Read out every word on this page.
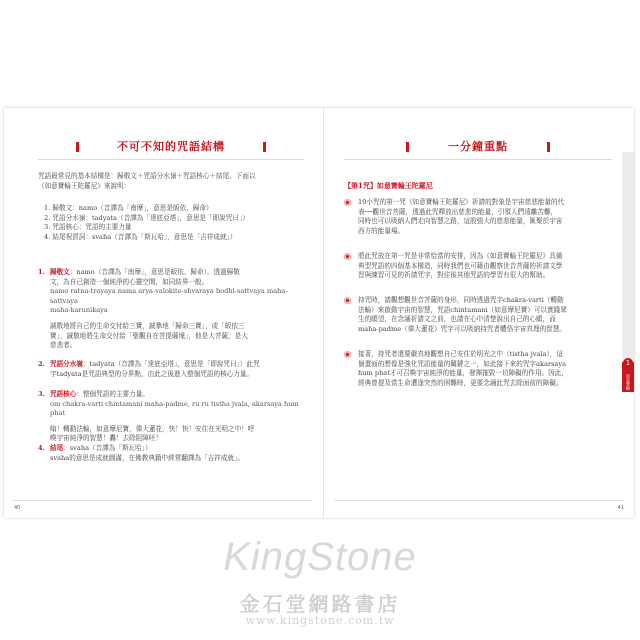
不可不知的咒語結構
咒語最常見的基本結構是：歸敬文＋咒語分水嶺＋咒語核心＋結尾。下面以
《如意寶輪王陀羅尼》來說明：
1. 歸敬文：namo（音譯為「南摩」，意思是皈依、歸命）
2. 咒語分水嶺：tadyata（音譯為「達底亞塔」，意思是「即說咒曰」）
3. 咒語核心：咒語的主要力量
4. 結尾祝賀詞：svaha（音譯為「斯瓦哈」，意思是「吉祥成就」）
1. 歸敬文：namo（音譯為「南摩」，意思是皈依、歸命），透過歸敬

文，為自己創造一個純淨的心靈空間，如同結界一般。

namo ratna-trayaya nama arya-valokite-shvaraya bodhi-sattvaya maha-sattvaya

maha-karunikaya

誠敬地將自己的生命交付給三寶，誠摯地「歸命三寶」，或「皈依三

寶」，誠敬地將生命交付給「聖觀自在菩提薩埵」，他是大菩薩，是大

慈悲者。

2. 咒語分水嶺：tadyata（音譯為「達底亞塔」，意思是「即說咒曰」）此咒

字tadyata是咒語典型的分界點，由此之後進入整個咒語的核心力量。

3. 咒語核心：整個咒語的主要力量。

om chakra-varti chintamani maha-padme, ru ru tistha jvala, akarsaya hum phat

嗡！轉動法輪，如意摩尼寶，偉大蓮花，快！快！安住在光明之中！呼

喚宇宙純淨的智慧！轟！去除阻障呸！

4. 結尾：svaha（音譯為「斯瓦哈」）

svaha的意思是成就圓滿，在佛教典籍中經常翻譯為「吉祥成就」。

40
一分鐘重點
【第1咒】如意寶輪王陀羅尼
10小咒的第一咒《如意寶輪王陀羅尼》祈請的對象是宇宙慈悲能量的代
表──觀世音菩薩，透過此咒釋放出慈悲的能量，引領人們遠離苦難，
同時也可以吸納人們走向智慧之路，這股強大的慈悲能量，匯聚於宇宙
西方的能量場。
將此咒放在第一咒是非常恰當的安排，因為《如意寶輪王陀羅尼》具備
典型咒語的四個基本構造，同時我們也可藉由觀察世音菩薩的祈請文學
習與練習可見的祈請咒字，對往後其他咒語的學習有很大的幫助。
持咒時，請觀想觀世音菩薩的身形，同時透過咒字chakra-varti（轉動
法輪）來啟動宇宙的智慧，咒語chintamani（如意摩尼寶）可以實踐眾
生的願望，在念誦祈請文之前，也請在心中清楚說出自己的心願，而
maha-padme（偉大蓮花）咒字可以吸納持咒者體悟宇宙真理的智慧。
接著，持咒者還要嚴真地觀想自己安住於明光之中（tistha jvala），這
個畫面的想像是強化咒語能量的關鍵之一，如此接下來的咒字akarsaya
hum phat才可召喚宇宙純淨的能量，發揮摧毀一切障礙的作用。因此，
經典曾提及當生命遭逢突然的困難時，更要念誦此咒去除面前的障礙。
1
如意寶輪
41
KingStone
金石堂網路書店
www.kingstone.com.tw
